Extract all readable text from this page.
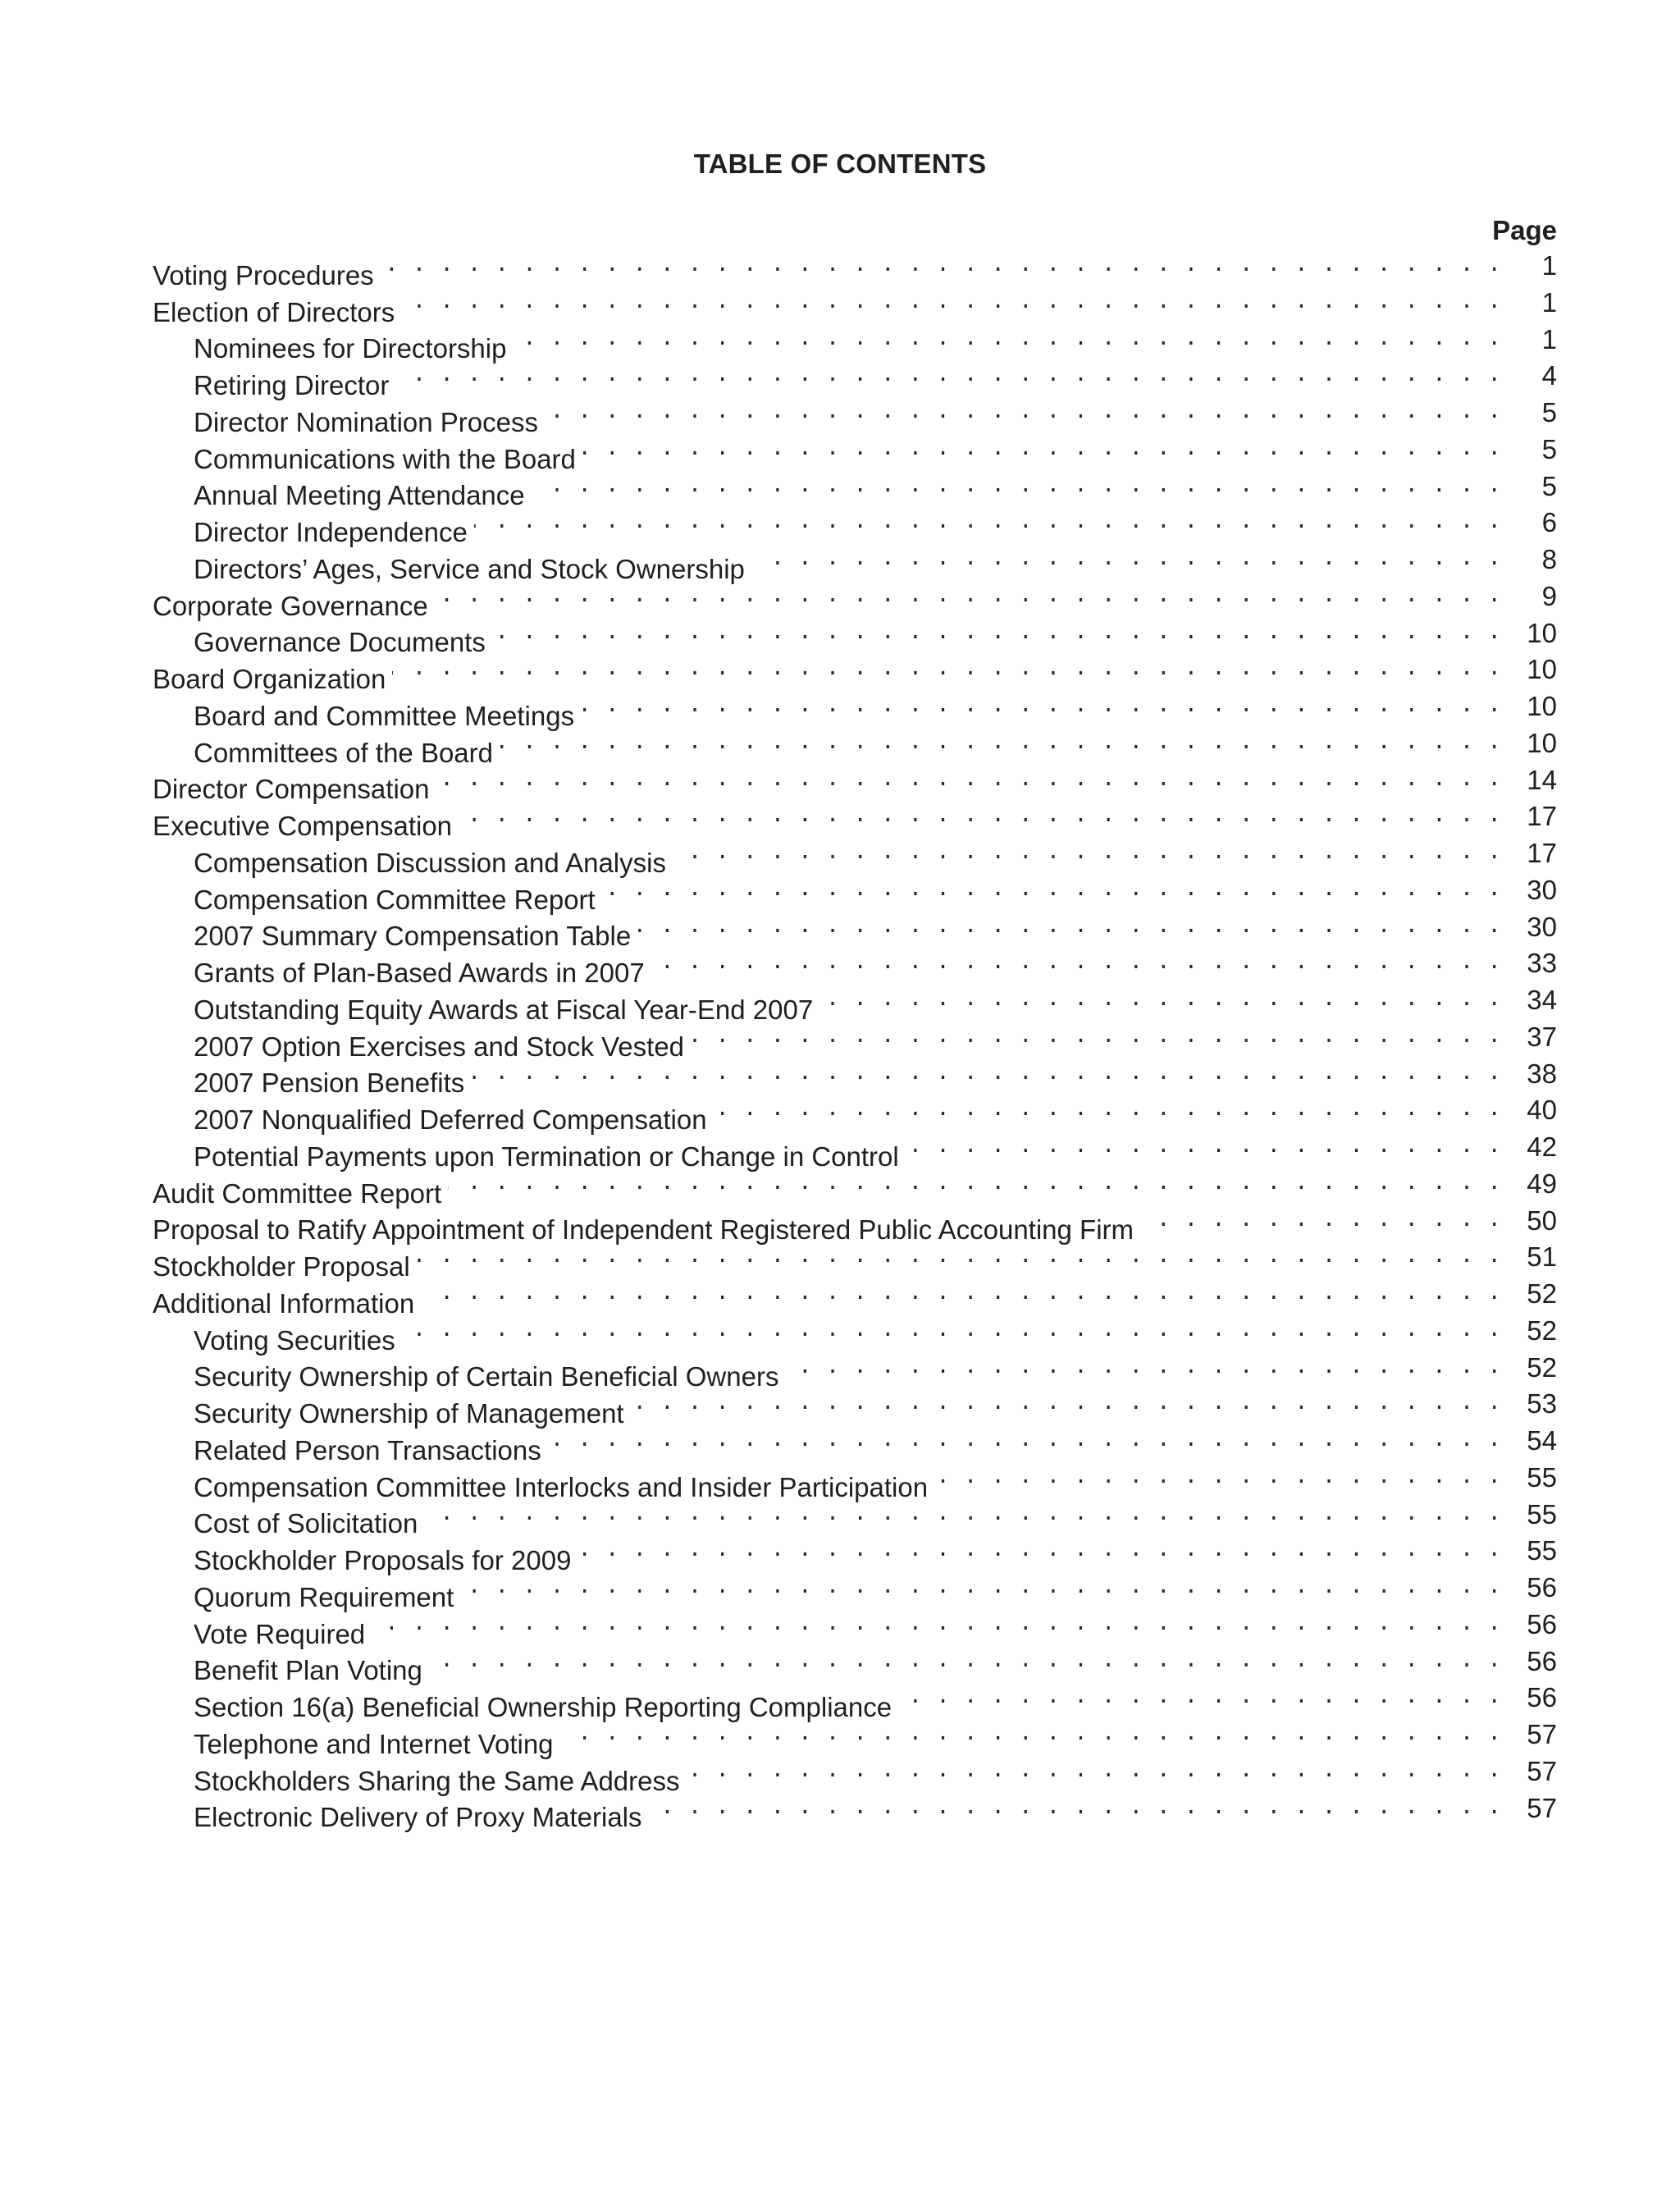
TABLE OF CONTENTS
Page
Voting Procedures . . .	1
Election of Directors . . .	1
Nominees for Directorship . . .	1
Retiring Director . . .	4
Director Nomination Process . . .	5
Communications with the Board . . .	5
Annual Meeting Attendance . . .	5
Director Independence . . .	6
Directors’ Ages, Service and Stock Ownership . . .	8
Corporate Governance . . .	9
Governance Documents . . .	10
Board Organization . . .	10
Board and Committee Meetings . . .	10
Committees of the Board . . .	10
Director Compensation . . .	14
Executive Compensation . . .	17
Compensation Discussion and Analysis . . .	17
Compensation Committee Report . . .	30
2007 Summary Compensation Table . . .	30
Grants of Plan-Based Awards in 2007 . . .	33
Outstanding Equity Awards at Fiscal Year-End 2007 . . .	34
2007 Option Exercises and Stock Vested . . .	37
2007 Pension Benefits . . .	38
2007 Nonqualified Deferred Compensation . . .	40
Potential Payments upon Termination or Change in Control . . .	42
Audit Committee Report . . .	49
Proposal to Ratify Appointment of Independent Registered Public Accounting Firm . . .	50
Stockholder Proposal . . .	51
Additional Information . . .	52
Voting Securities . . .	52
Security Ownership of Certain Beneficial Owners . . .	52
Security Ownership of Management . . .	53
Related Person Transactions . . .	54
Compensation Committee Interlocks and Insider Participation . . .	55
Cost of Solicitation . . .	55
Stockholder Proposals for 2009 . . .	55
Quorum Requirement . . .	56
Vote Required . . .	56
Benefit Plan Voting . . .	56
Section 16(a) Beneficial Ownership Reporting Compliance . . .	56
Telephone and Internet Voting . . .	57
Stockholders Sharing the Same Address . . .	57
Electronic Delivery of Proxy Materials . . .	57
